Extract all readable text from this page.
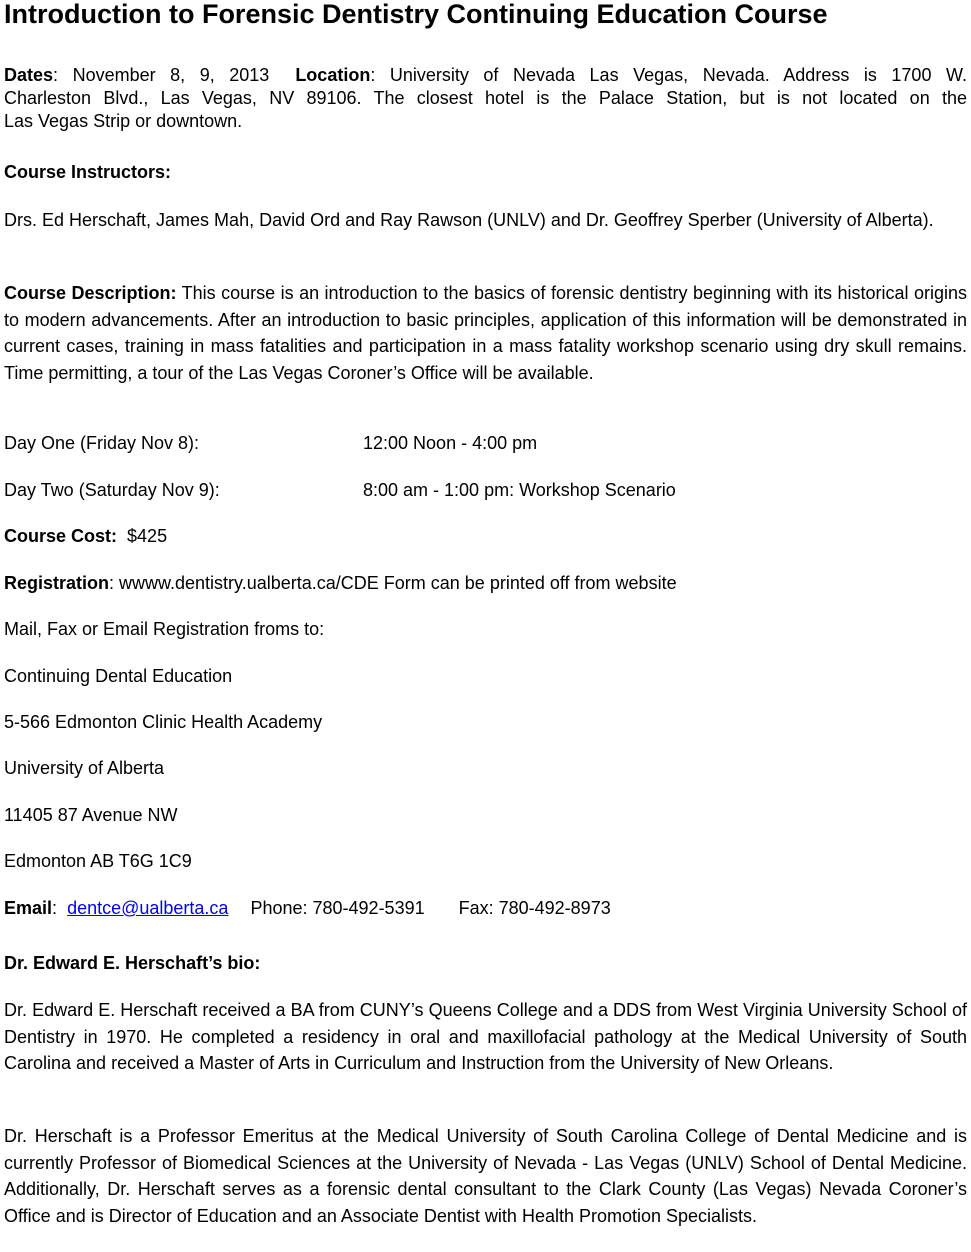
Introduction to Forensic Dentistry Continuing Education Course
Dates: November 8, 9, 2013 Location: University of Nevada Las Vegas, Nevada. Address is 1700 W.
Charleston Blvd., Las Vegas, NV 89106. The closest hotel is the Palace Station, but is not located on the
Las Vegas Strip or downtown.
Course Instructors:
Drs. Ed Herschaft, James Mah, David Ord and Ray Rawson (UNLV) and Dr. Geoffrey Sperber (University of Alberta).
Course Description: This course is an introduction to the basics of forensic dentistry beginning with its historical origins to modern advancements. After an introduction to basic principles, application of this information will be demonstrated in current cases, training in mass fatalities and participation in a mass fatality workshop scenario using dry skull remains. Time permitting, a tour of the Las Vegas Coroner’s Office will be available.
Day One (Friday Nov 8):	12:00 Noon - 4:00 pm
Day Two (Saturday Nov 9):	8:00 am - 1:00 pm: Workshop Scenario
Course Cost: $425
Registration: wwww.dentistry.ualberta.ca/CDE Form can be printed off from website
Mail, Fax or Email Registration froms to:
Continuing Dental Education
5-566 Edmonton Clinic Health Academy
University of Alberta
11405 87 Avenue NW
Edmonton AB T6G 1C9
Email: dentce@ualberta.ca Phone: 780-492-5391 Fax: 780-492-8973
Dr. Edward E. Herschaft’s bio:
Dr. Edward E. Herschaft received a BA from CUNY’s Queens College and a DDS from West Virginia University School of Dentistry in 1970. He completed a residency in oral and maxillofacial pathology at the Medical University of South Carolina and received a Master of Arts in Curriculum and Instruction from the University of New Orleans.
Dr. Herschaft is a Professor Emeritus at the Medical University of South Carolina College of Dental Medicine and is currently Professor of Biomedical Sciences at the University of Nevada - Las Vegas (UNLV) School of Dental Medicine. Additionally, Dr. Herschaft serves as a forensic dental consultant to the Clark County (Las Vegas) Nevada Coroner’s Office and is Director of Education and an Associate Dentist with Health Promotion Specialists.
